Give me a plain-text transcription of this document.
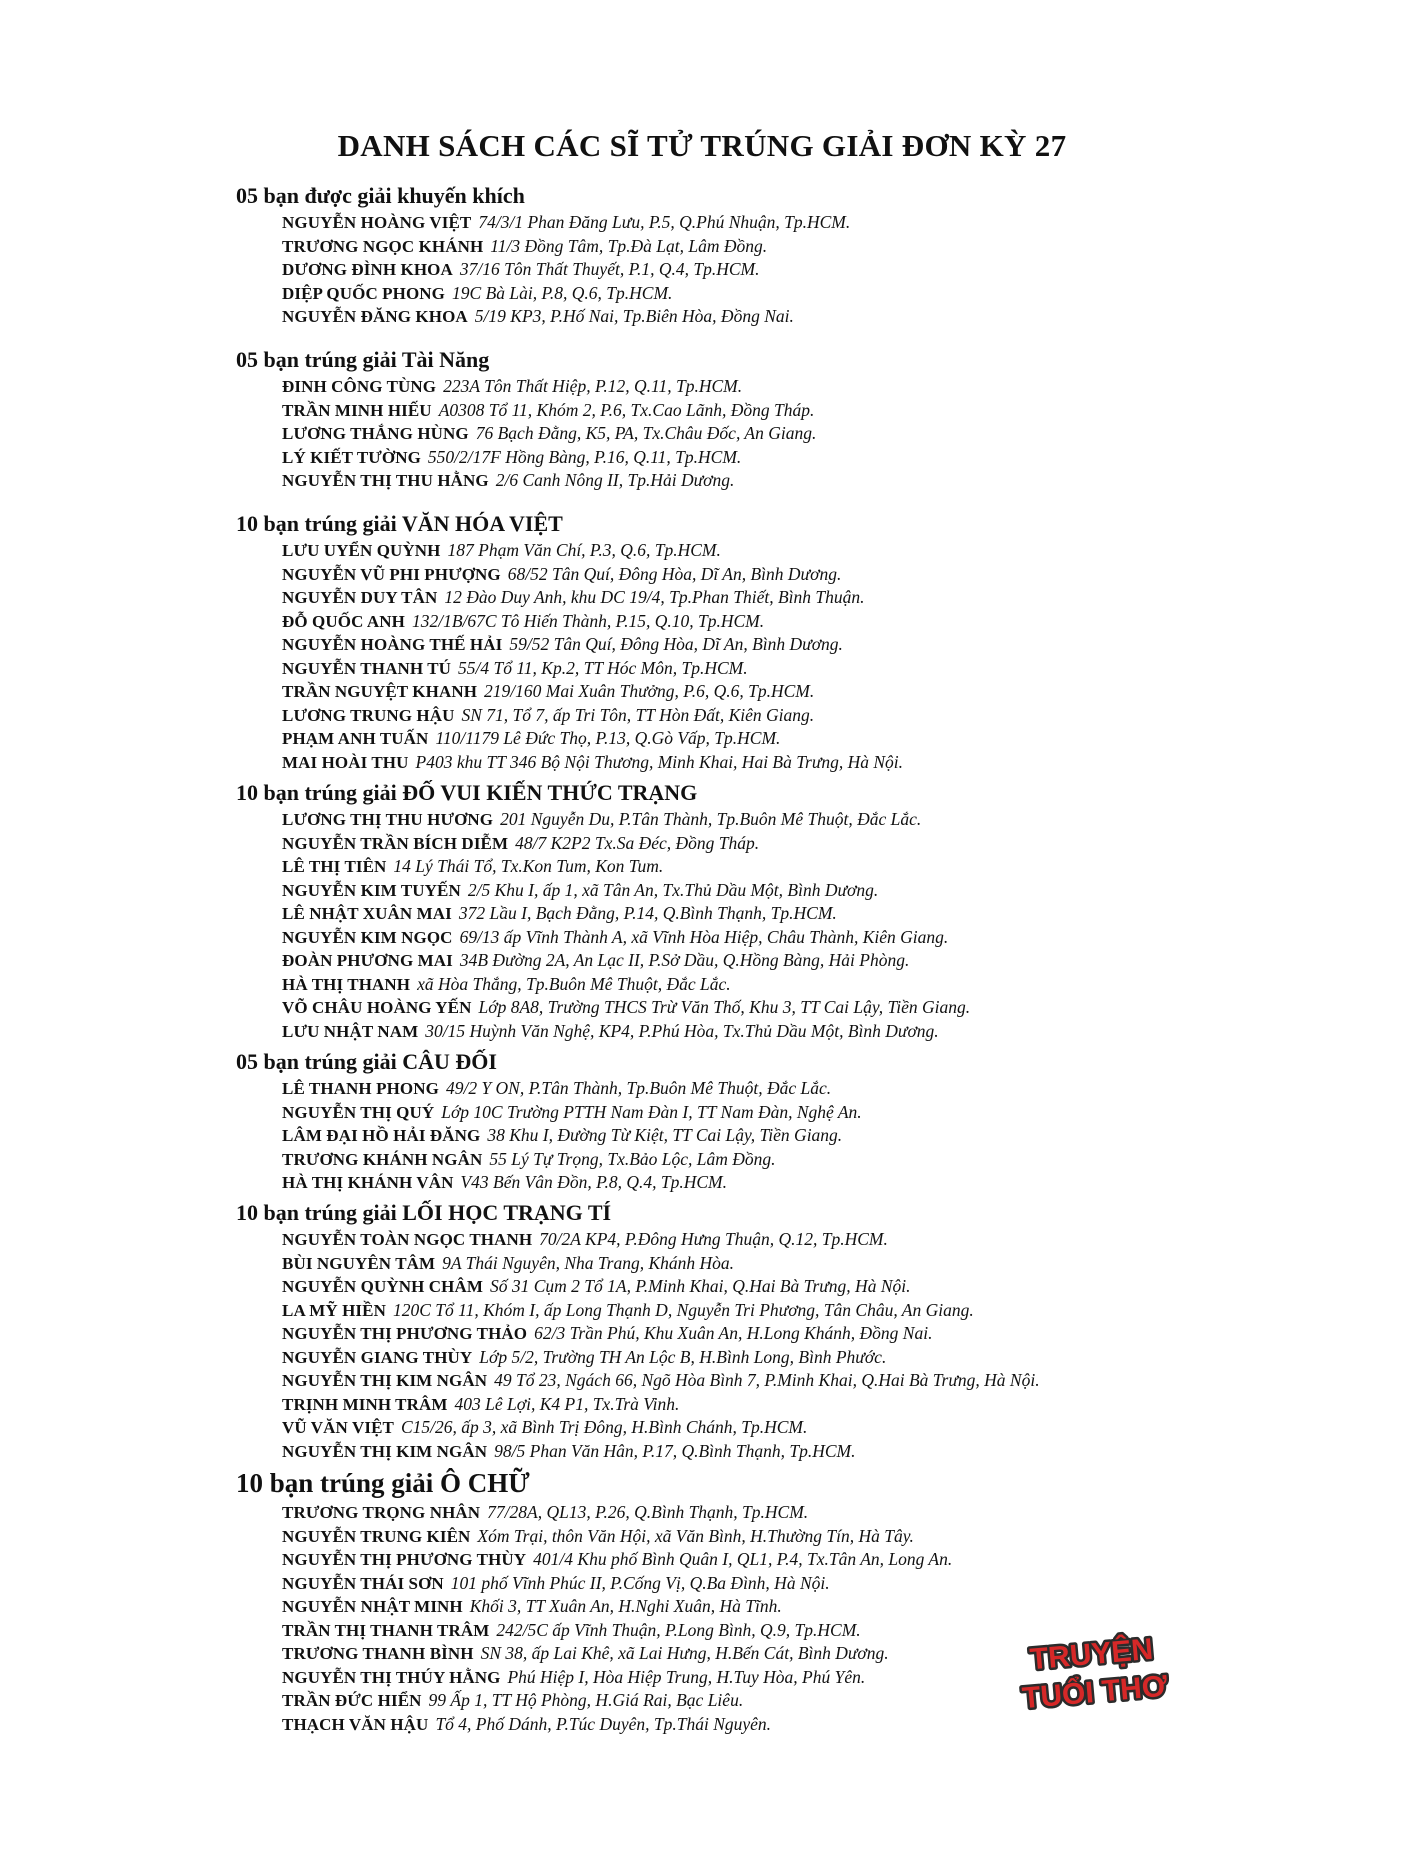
DANH SÁCH CÁC SĨ TỬ TRÚNG GIẢI ĐƠN KỲ 27
05 bạn được giải khuyến khích
NGUYỄN HOÀNG VIỆT 74/3/1 Phan Đăng Lưu, P.5, Q.Phú Nhuận, Tp.HCM.
TRƯƠNG NGỌC KHÁNH 11/3 Đồng Tâm, Tp.Đà Lạt, Lâm Đồng.
DƯƠNG ĐÌNH KHOA 37/16 Tôn Thất Thuyết, P.1, Q.4, Tp.HCM.
DIỆP QUỐC PHONG 19C Bà Lài, P.8, Q.6, Tp.HCM.
NGUYỄN ĐĂNG KHOA 5/19 KP3, P.Hố Nai, Tp.Biên Hòa, Đồng Nai.
05 bạn trúng giải Tài Năng
ĐINH CÔNG TÙNG 223A Tôn Thất Hiệp, P.12, Q.11, Tp.HCM.
TRẦN MINH HIẾU A0308 Tổ 11, Khóm 2, P.6, Tx.Cao Lãnh, Đồng Tháp.
LƯƠNG THẮNG HÙNG 76 Bạch Đằng, K5, PA, Tx.Châu Đốc, An Giang.
LÝ KIẾT TƯỜNG 550/2/17F Hồng Bàng, P.16, Q.11, Tp.HCM.
NGUYỄN THỊ THU HẰNG 2/6 Canh Nông II, Tp.Hải Dương.
10 bạn trúng giải VĂN HÓA VIỆT
LƯU UYỂN QUỲNH 187 Phạm Văn Chí, P.3, Q.6, Tp.HCM.
NGUYỄN VŨ PHI PHƯỢNG 68/52 Tân Quí, Đông Hòa, Dĩ An, Bình Dương.
NGUYỄN DUY TÂN 12 Đào Duy Anh, khu DC 19/4, Tp.Phan Thiết, Bình Thuận.
ĐỖ QUỐC ANH 132/1B/67C Tô Hiến Thành, P.15, Q.10, Tp.HCM.
NGUYỄN HOÀNG THẾ HẢI 59/52 Tân Quí, Đông Hòa, Dĩ An, Bình Dương.
NGUYỄN THANH TÚ 55/4 Tổ 11, Kp.2, TT Hóc Môn, Tp.HCM.
TRẦN NGUYỆT KHANH 219/160 Mai Xuân Thưởng, P.6, Q.6, Tp.HCM.
LƯƠNG TRUNG HẬU SN 71, Tổ 7, ấp Tri Tôn, TT Hòn Đất, Kiên Giang.
PHẠM ANH TUẤN 110/1179 Lê Đức Thọ, P.13, Q.Gò Vấp, Tp.HCM.
MAI HOÀI THU P403 khu TT 346 Bộ Nội Thương, Minh Khai, Hai Bà Trưng, Hà Nội.
10 bạn trúng giải ĐỐ VUI KIẾN THỨC TRẠNG
LƯƠNG THỊ THU HƯƠNG 201 Nguyễn Du, P.Tân Thành, Tp.Buôn Mê Thuột, Đắc Lắc.
NGUYỄN TRẦN BÍCH DIỄM 48/7 K2P2 Tx.Sa Đéc, Đồng Tháp.
LÊ THỊ TIÊN 14 Lý Thái Tổ, Tx.Kon Tum, Kon Tum.
NGUYỄN KIM TUYẾN 2/5 Khu I, ấp 1, xã Tân An, Tx.Thủ Dầu Một, Bình Dương.
LÊ NHẬT XUÂN MAI 372 Lầu I, Bạch Đằng, P.14, Q.Bình Thạnh, Tp.HCM.
NGUYỄN KIM NGỌC 69/13 ấp Vĩnh Thành A, xã Vĩnh Hòa Hiệp, Châu Thành, Kiên Giang.
ĐOÀN PHƯƠNG MAI 34B Đường 2A, An Lạc II, P.Sở Dầu, Q.Hồng Bàng, Hải Phòng.
HÀ THỊ THANH xã Hòa Thắng, Tp.Buôn Mê Thuột, Đắc Lắc.
VÕ CHÂU HOÀNG YẾN Lớp 8A8, Trường THCS Trừ Văn Thố, Khu 3, TT Cai Lậy, Tiền Giang.
LƯU NHẬT NAM 30/15 Huỳnh Văn Nghệ, KP4, P.Phú Hòa, Tx.Thủ Dầu Một, Bình Dương.
05 bạn trúng giải CÂU ĐỐI
LÊ THANH PHONG 49/2 Y ON, P.Tân Thành, Tp.Buôn Mê Thuột, Đắc Lắc.
NGUYỄN THỊ QUÝ Lớp 10C Trường PTTH Nam Đàn I, TT Nam Đàn, Nghệ An.
LÂM ĐẠI HỒ HẢI ĐĂNG 38 Khu I, Đường Từ Kiệt, TT Cai Lậy, Tiền Giang.
TRƯƠNG KHÁNH NGÂN 55 Lý Tự Trọng, Tx.Bảo Lộc, Lâm Đồng.
HÀ THỊ KHÁNH VÂN V43 Bến Vân Đồn, P.8, Q.4, Tp.HCM.
10 bạn trúng giải LỐI HỌC TRẠNG TÍ
NGUYỄN TOÀN NGỌC THANH 70/2A KP4, P.Đông Hưng Thuận, Q.12, Tp.HCM.
BÙI NGUYÊN TÂM 9A Thái Nguyên, Nha Trang, Khánh Hòa.
NGUYỄN QUỲNH CHÂM Số 31 Cụm 2 Tổ 1A, P.Minh Khai, Q.Hai Bà Trưng, Hà Nội.
LA MỸ HIỀN 120C Tổ 11, Khóm I, ấp Long Thạnh D, Nguyễn Tri Phương, Tân Châu, An Giang.
NGUYỄN THỊ PHƯƠNG THẢO 62/3 Trần Phú, Khu Xuân An, H.Long Khánh, Đồng Nai.
NGUYỄN GIANG THÙY Lớp 5/2, Trường TH An Lộc B, H.Bình Long, Bình Phước.
NGUYỄN THỊ KIM NGÂN 49 Tổ 23, Ngách 66, Ngõ Hòa Bình 7, P.Minh Khai, Q.Hai Bà Trưng, Hà Nội.
TRỊNH MINH TRÂM 403 Lê Lợi, K4 P1, Tx.Trà Vinh.
VŨ VĂN VIỆT C15/26, ấp 3, xã Bình Trị Đông, H.Bình Chánh, Tp.HCM.
NGUYỄN THỊ KIM NGÂN 98/5 Phan Văn Hân, P.17, Q.Bình Thạnh, Tp.HCM.
10 bạn trúng giải Ô CHỮ
TRƯƠNG TRỌNG NHÂN 77/28A, QL13, P.26, Q.Bình Thạnh, Tp.HCM.
NGUYỄN TRUNG KIÊN Xóm Trại, thôn Văn Hội, xã Văn Bình, H.Thường Tín, Hà Tây.
NGUYỄN THỊ PHƯƠNG THÙY 401/4 Khu phố Bình Quân I, QL1, P.4, Tx.Tân An, Long An.
NGUYỄN THÁI SƠN 101 phố Vĩnh Phúc II, P.Cống Vị, Q.Ba Đình, Hà Nội.
NGUYỄN NHẬT MINH Khối 3, TT Xuân An, H.Nghi Xuân, Hà Tĩnh.
TRẦN THỊ THANH TRÂM 242/5C ấp Vĩnh Thuận, P.Long Bình, Q.9, Tp.HCM.
TRƯƠNG THANH BÌNH SN 38, ấp Lai Khê, xã Lai Hưng, H.Bến Cát, Bình Dương.
NGUYỄN THỊ THÚY HẰNG Phú Hiệp I, Hòa Hiệp Trung, H.Tuy Hòa, Phú Yên.
TRẦN ĐỨC HIỂN 99 Ấp 1, TT Hộ Phòng, H.Giá Rai, Bạc Liêu.
THẠCH VĂN HẬU Tổ 4, Phố Dánh, P.Túc Duyên, Tp.Thái Nguyên.
TRUYỆN
TUỔI THƠ
